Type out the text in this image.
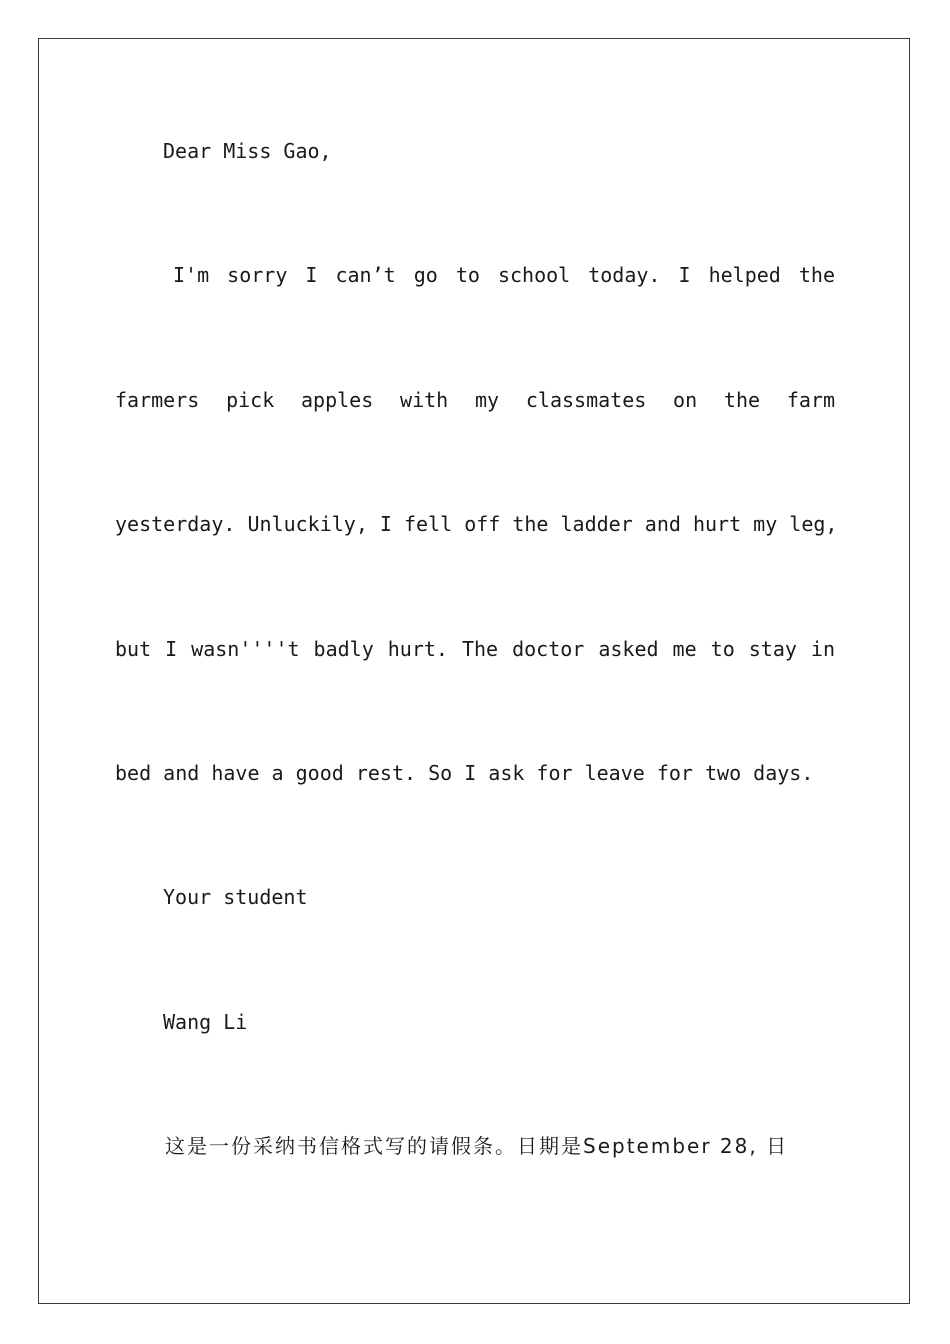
Dear Miss Gao,
I'm sorry I can’t go to school today. I helped the
farmers pick apples with my classmates on the farm
yesterday. Unluckily, I fell off the ladder and hurt my leg,
but I wasn''''t badly hurt. The doctor asked me to stay in
bed and have a good rest. So I ask for leave for two days.
Your student
Wang Li
这是一份采纳书信格式写的请假条。日期是September 28, 日
